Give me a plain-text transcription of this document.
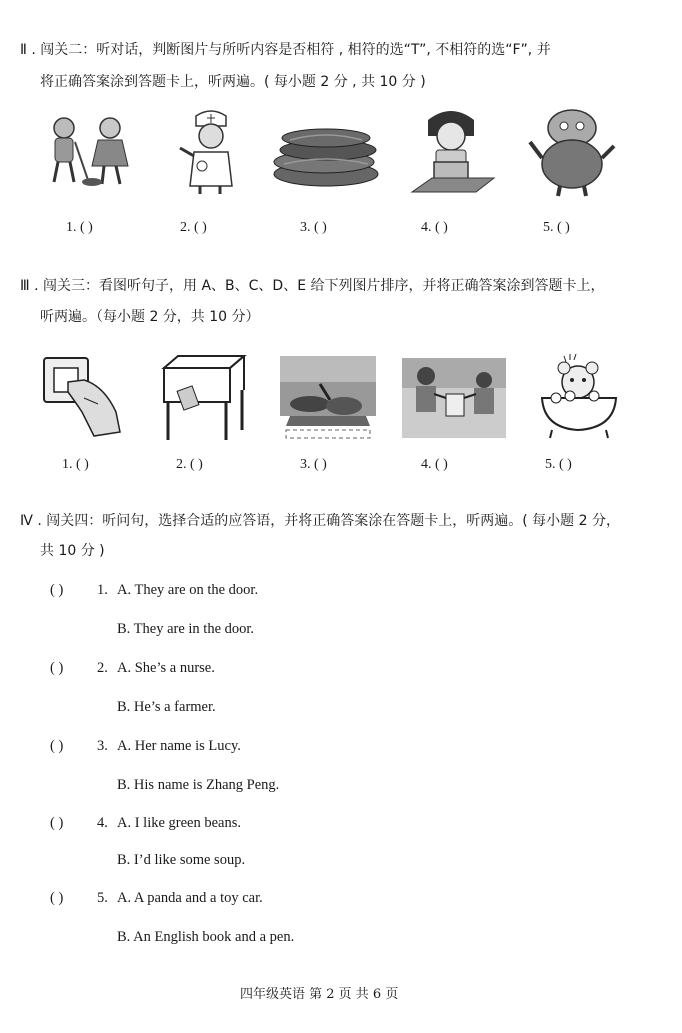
Ⅱ . 闯关二：听对话，判断图片与所听内容是否相符 , 相符的选“T”, 不相符的选“F”, 并
将正确答案涂到答题卡上，听两遍。( 每小题 2 分 , 共 10 分 )
1. ( )	2. ( )	3. ( )	4. ( )	5. ( )
Ⅲ . 闯关三：看图听句子，用 A、B、C、D、E 给下列图片排序，并将正确答案涂到答题卡上，
听两遍。（每小题 2 分，共 10 分）
1. ( )	2. ( )	3. ( )	4. ( )	5. ( )
Ⅳ . 闯关四：听问句，选择合适的应答语，并将正确答案涂在答题卡上，听两遍。( 每小题 2 分，
共 10 分 )
( ) 1. A. They are on the door.
B. They are in the door.
( ) 2. A. She’s a nurse.
B. He’s a farmer.
( ) 3. A. Her name is Lucy.
B. His name is Zhang Peng.
( ) 4. A. I like green beans.
B. I’d like some soup.
( ) 5. A. A panda and a toy car.
B. An English book and a pen.
四年级英语 第 2 页 共 6 页
